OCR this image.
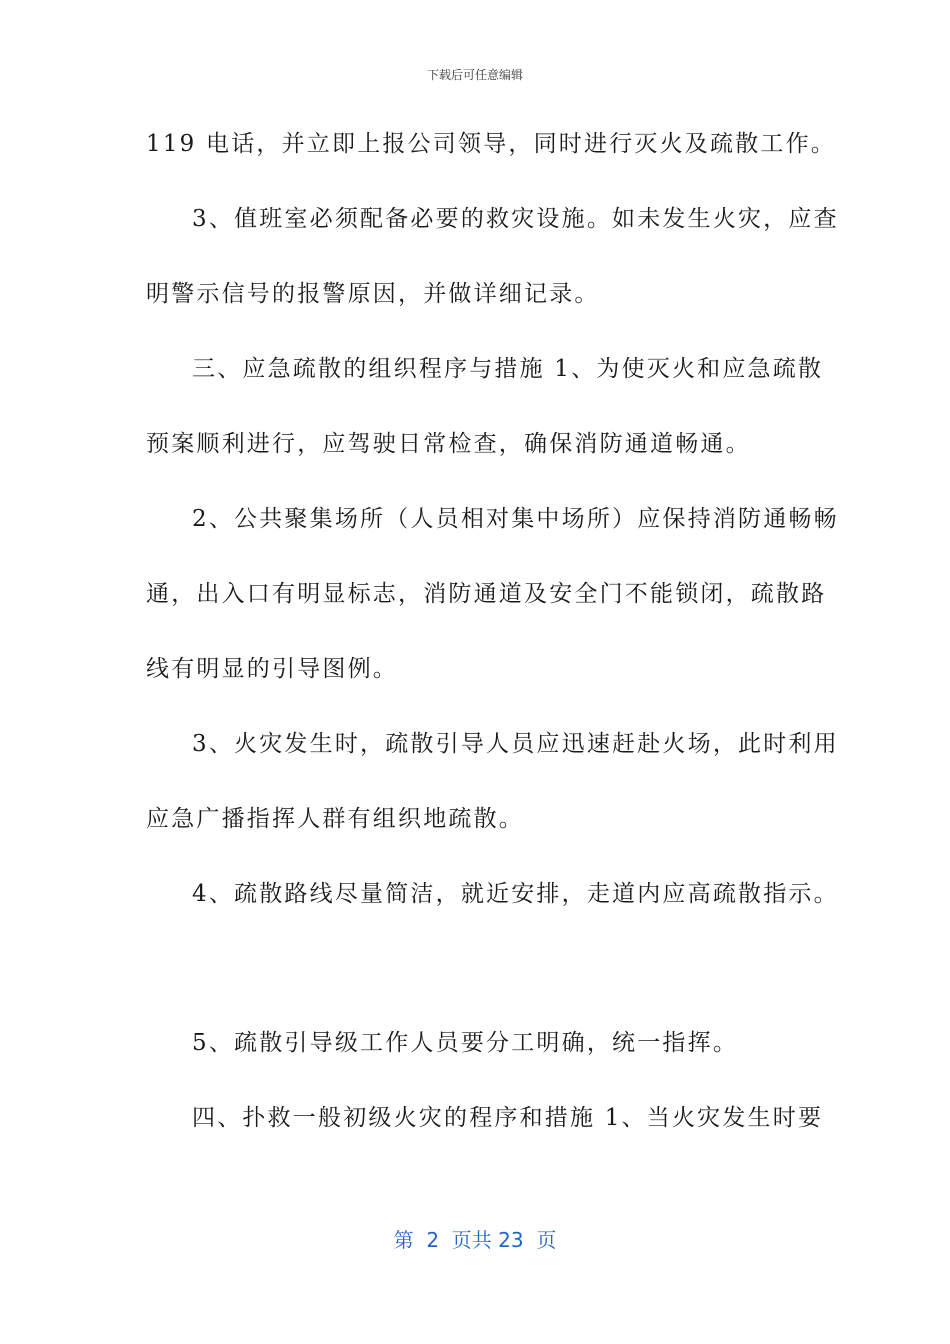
下载后可任意编辑
119 电话，并立即上报公司领导，同时进行灭火及疏散工作。
3、值班室必须配备必要的救灾设施。如未发生火灾，应查
明警示信号的报警原因，并做详细记录。
三、应急疏散的组织程序与措施 1、为使灭火和应急疏散
预案顺利进行，应驾驶日常检查，确保消防通道畅通。
2、公共聚集场所（人员相对集中场所）应保持消防通畅畅
通，出入口有明显标志，消防通道及安全门不能锁闭，疏散路
线有明显的引导图例。
3、火灾发生时，疏散引导人员应迅速赶赴火场，此时利用
应急广播指挥人群有组织地疏散。
4、疏散路线尽量简洁，就近安排，走道内应高疏散指示。
5、疏散引导级工作人员要分工明确，统一指挥。
四、扑救一般初级火灾的程序和措施 1、当火灾发生时要
第  2  页共 23  页
